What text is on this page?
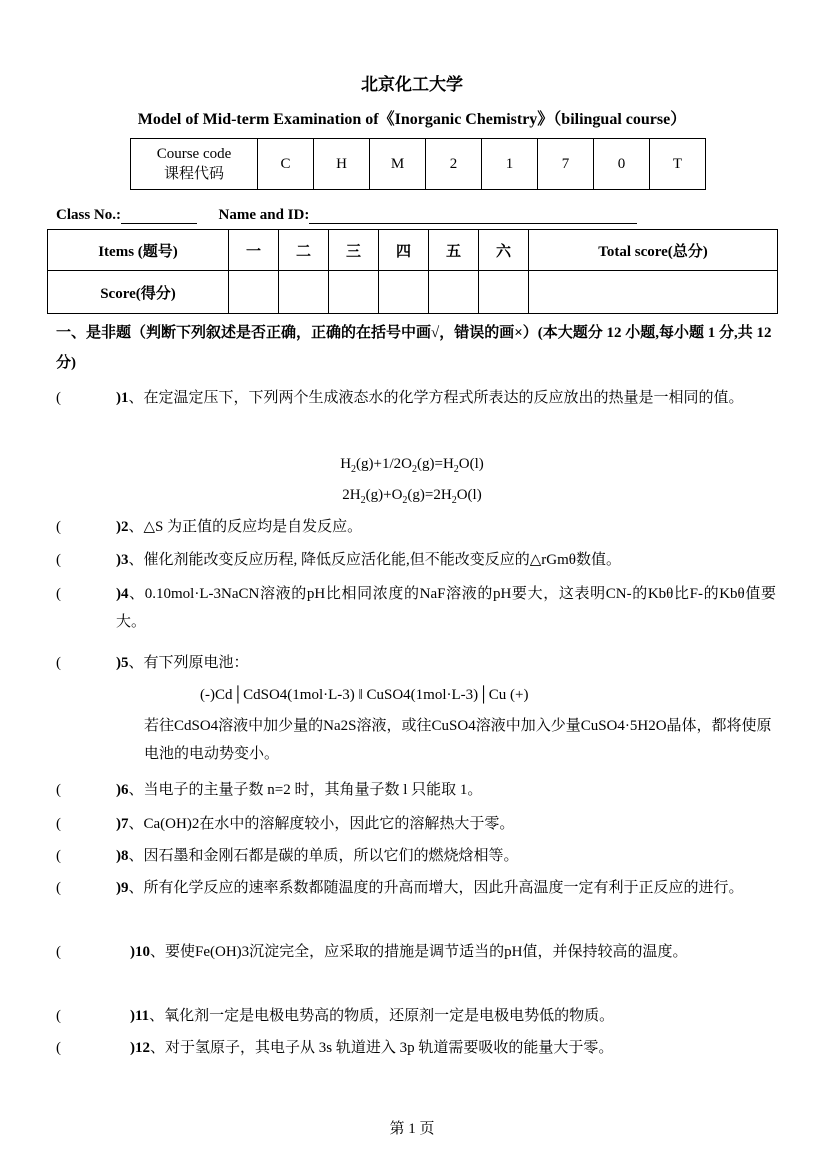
北京化工大学
Model of Mid-term Examination of《Inorganic Chemistry》（bilingual course）
Course code
课程代码
	C	H	M	2	1	7	0	T
Class No.:	Name and ID:
Items (题号)	一	二	三	四	五	六	Total score(总分)
Score(得分)							
一、是非题（判断下列叙述是否正确，正确的在括号中画√，错误的画×）(本大题分 12 小题,每小题 1 分,共 12 分)
(	)1、在定温定压下，下列两个生成液态水的化学方程式所表达的反应放出的热量是一相同的值。
$H_2(g)+1/2O_2(g)=H_2O(l)$
$2H_2(g)+O_2(g)=2H_2O(l)$
(	)2、△S 为正值的反应均是自发反应。
(	)3、催化剂能改变反应历程, 降低反应活化能,但不能改变反应的△rGmθ数值。
(	)4、0.10mol·L-3NaCN溶液的pH比相同浓度的NaF溶液的pH要大，这表明CN-的Kbθ比F-的Kbθ值要大。
(	)5、有下列原电池：
(-)Cd│CdSO4(1mol·L-3) ‖ CuSO4(1mol·L-3)│Cu (+)
若往CdSO4溶液中加少量的Na2S溶液，或往CuSO4溶液中加入少量CuSO4·5H2O晶体，都将使原电池的电动势变小。
(	)6、当电子的主量子数 n=2 时，其角量子数 l 只能取 1。
(	)7、Ca(OH)2在水中的溶解度较小，因此它的溶解热大于零。
(	)8、因石墨和金刚石都是碳的单质，所以它们的燃烧焓相等。
(	)9、所有化学反应的速率系数都随温度的升高而增大，因此升高温度一定有利于正反应的进行。
(	)10、要使Fe(OH)3沉淀完全，应采取的措施是调节适当的pH值，并保持较高的温度。
(	)11、氧化剂一定是电极电势高的物质，还原剂一定是电极电势低的物质。
(	)12、对于氢原子，其电子从 3s 轨道进入 3p 轨道需要吸收的能量大于零。
第 1 页
